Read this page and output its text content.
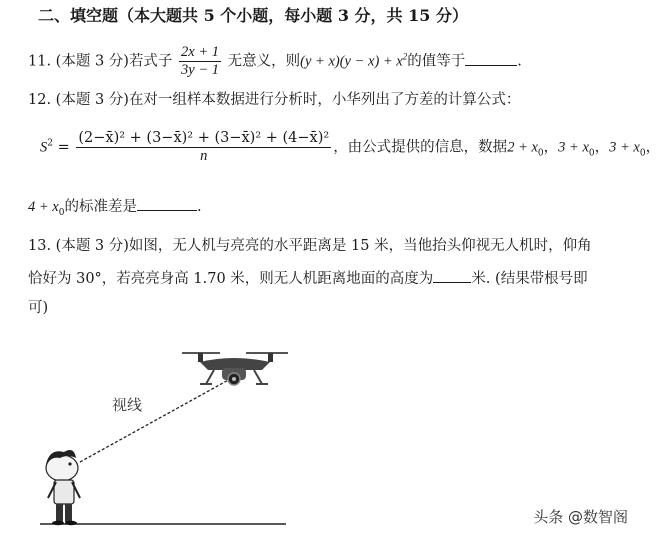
二、填空题（本大题共 5 个小题，每小题 3 分，共 15 分）
11. (本题 3 分)若式子 $\frac{2x + 1}{3y - 1}$ 无意义，则$(y + x)(y - x) + x^2$的值等于	.
12. (本题 3 分)在对一组样本数据进行分析时，小华列出了方差的计算公式：
$S^2 = \frac{\text{(2−x̄)² + (3−x̄)² + (3−x̄)² + (4−x̄)²}}{n}$ ，由公式提供的信息，数据$2 + x_0$，$3 + x_0$，$3 + x_0$，
$4 + x_0$的标准差是	.
13. (本题 3 分)如图，无人机与亮亮的水平距离是 15 米，当他抬头仰视无人机时，仰角
恰好为 30°，若亮亮身高 1.70 米，则无人机距离地面的高度为	米. (结果带根号即
可)
视线
头条 @数智阁
